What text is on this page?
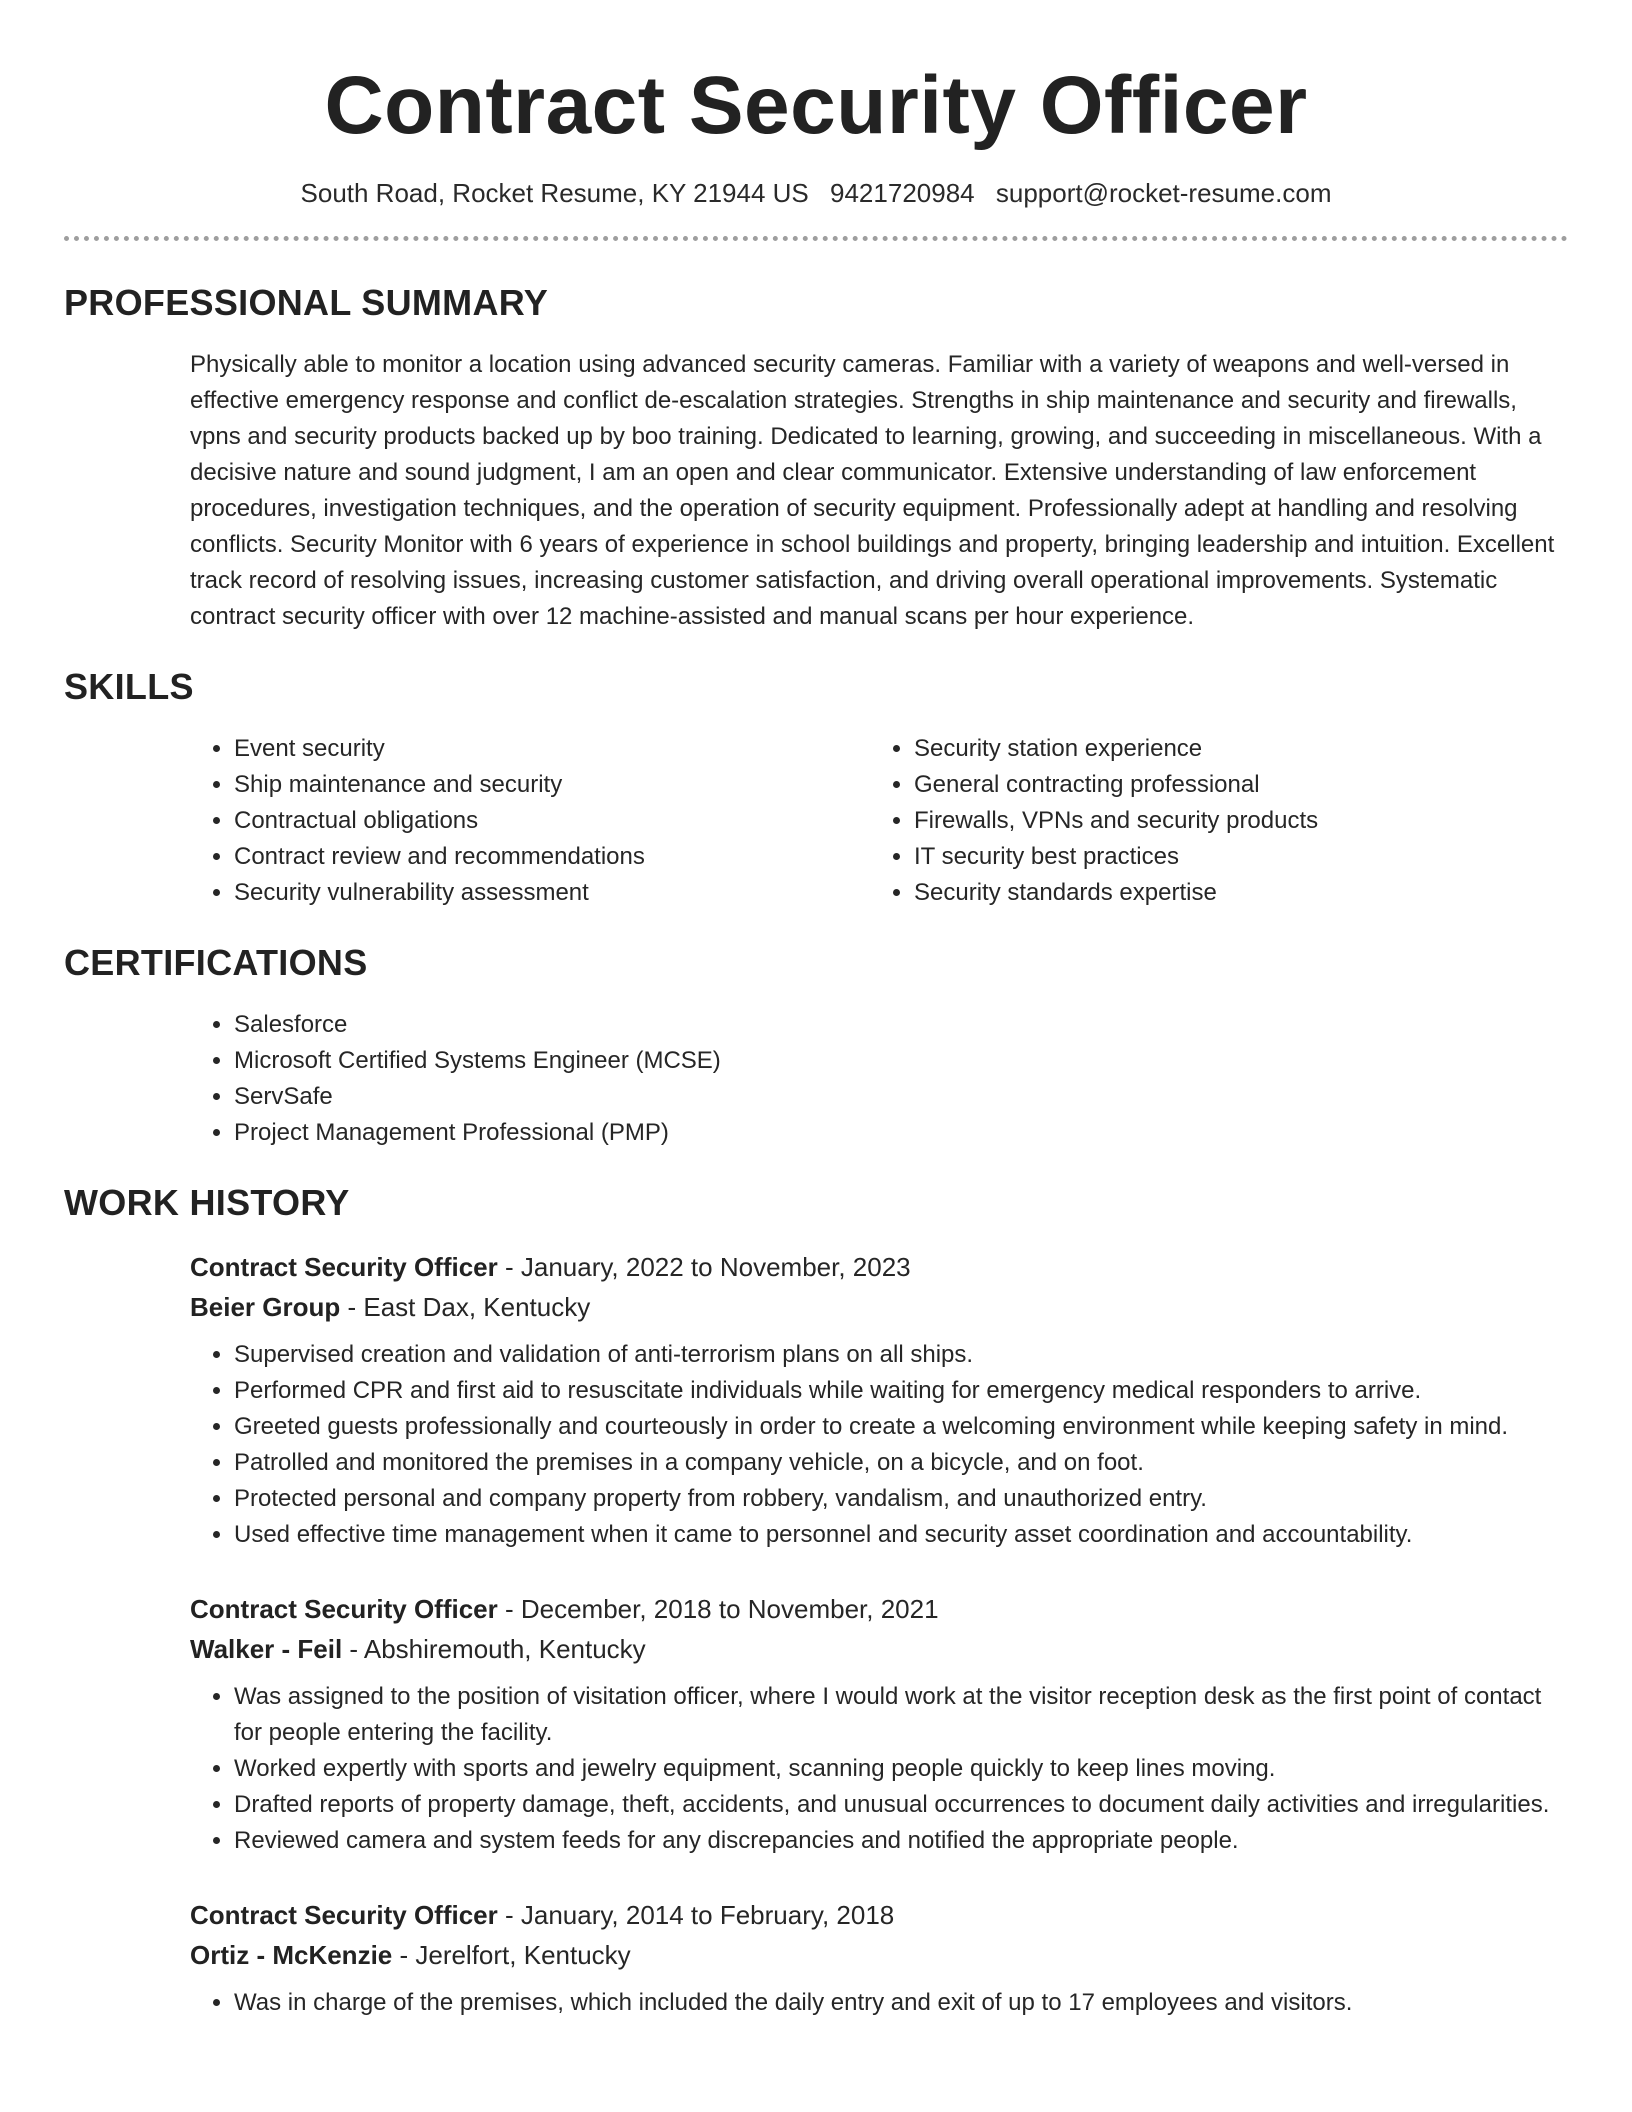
Contract Security Officer
South Road, Rocket Resume, KY 21944 US 9421720984 support@rocket-resume.com
PROFESSIONAL SUMMARY
Physically able to monitor a location using advanced security cameras. Familiar with a variety of weapons and well-versed in effective emergency response and conflict de-escalation strategies. Strengths in ship maintenance and security and firewalls, vpns and security products backed up by boo training. Dedicated to learning, growing, and succeeding in miscellaneous. With a decisive nature and sound judgment, I am an open and clear communicator. Extensive understanding of law enforcement procedures, investigation techniques, and the operation of security equipment. Professionally adept at handling and resolving conflicts. Security Monitor with 6 years of experience in school buildings and property, bringing leadership and intuition. Excellent track record of resolving issues, increasing customer satisfaction, and driving overall operational improvements. Systematic contract security officer with over 12 machine-assisted and manual scans per hour experience.
SKILLS
• Event security
• Ship maintenance and security
• Contractual obligations
• Contract review and recommendations
• Security vulnerability assessment
• Security station experience
• General contracting professional
• Firewalls, VPNs and security products
• IT security best practices
• Security standards expertise
CERTIFICATIONS
• Salesforce
• Microsoft Certified Systems Engineer (MCSE)
• ServSafe
• Project Management Professional (PMP)
WORK HISTORY
Contract Security Officer - January, 2022 to November, 2023
Beier Group - East Dax, Kentucky
• Supervised creation and validation of anti-terrorism plans on all ships.
• Performed CPR and first aid to resuscitate individuals while waiting for emergency medical responders to arrive.
• Greeted guests professionally and courteously in order to create a welcoming environment while keeping safety in mind.
• Patrolled and monitored the premises in a company vehicle, on a bicycle, and on foot.
• Protected personal and company property from robbery, vandalism, and unauthorized entry.
• Used effective time management when it came to personnel and security asset coordination and accountability.
Contract Security Officer - December, 2018 to November, 2021
Walker - Feil - Abshiremouth, Kentucky
• Was assigned to the position of visitation officer, where I would work at the visitor reception desk as the first point of contact for people entering the facility.
• Worked expertly with sports and jewelry equipment, scanning people quickly to keep lines moving.
• Drafted reports of property damage, theft, accidents, and unusual occurrences to document daily activities and irregularities.
• Reviewed camera and system feeds for any discrepancies and notified the appropriate people.
Contract Security Officer - January, 2014 to February, 2018
Ortiz - McKenzie - Jerelfort, Kentucky
• Was in charge of the premises, which included the daily entry and exit of up to 17 employees and visitors.
